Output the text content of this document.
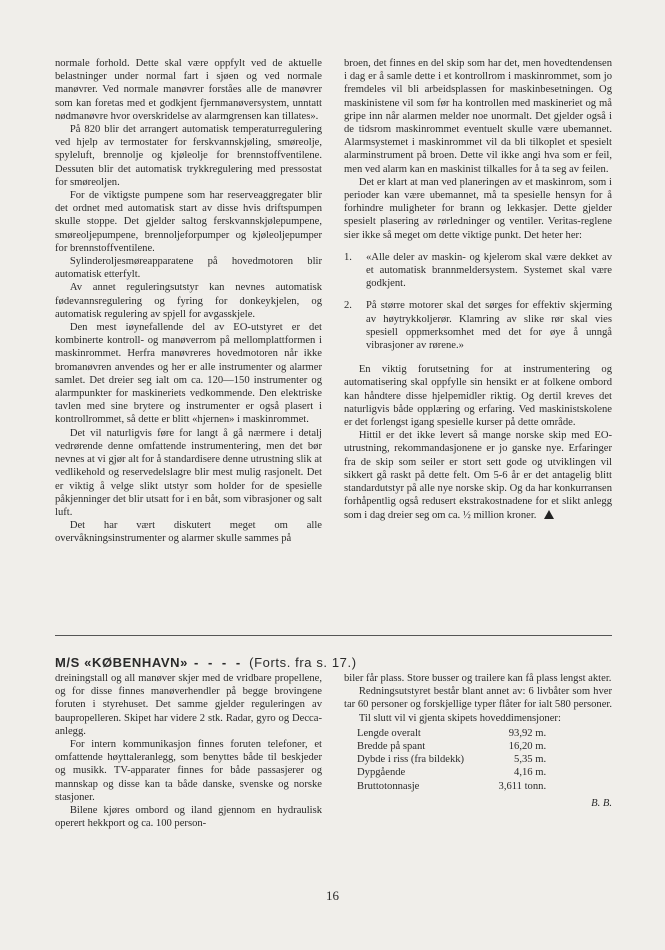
normale forhold. Dette skal være oppfylt ved de aktuelle belastninger under normal fart i sjøen og ved normale manøvrer. Ved normale manøvrer forståes alle de manøvrer som kan foretas med et godkjent fjernmanøversystem, unntatt nødmanøvre hvor overskridelse av alarmgrensen kan tillates».

På 820 blir det arrangert automatisk temperaturregulering ved hjelp av termostater for ferskvannskjøling, smøreolje, spyleluft, brennolje og kjøleolje for brennstoffventilene. Dessuten blir det automatisk trykkregulering med pressostat for smøreoljen.

For de viktigste pumpene som har reserveaggregater blir det ordnet med automatisk start av disse hvis driftspumpen skulle stoppe. Det gjelder saltog ferskvannskjølepumpene, smøreoljepumpene, brennoljeforpumper og kjøleoljepumper for brennstoffventilene.

Sylinderoljesmøreapparatene på hovedmotoren blir automatisk etterfylt.

Av annet reguleringsutstyr kan nevnes automatisk fødevannsregulering og fyring for donkeykjelen, og automatisk regulering av spjell for avgasskjele.

Den mest iøynefallende del av EO-utstyret er det kombinerte kontroll- og manøverrom på mellomplattformen i maskinrommet. Herfra manøvreres hovedmotoren når ikke bromanøvren anvendes og her er alle instrumenter og alarmer samlet. Det dreier seg ialt om ca. 120—150 instrumenter og alarmpunkter for maskineriets vedkommende. Den elektriske tavlen med sine brytere og instrumenter er også plasert i kontrollrommet, så dette er blitt «hjernen» i maskinrommet.

Det vil naturligvis føre for langt å gå nærmere i detalj vedrørende denne omfattende instrumentering, men det bør nevnes at vi gjør alt for å standardisere denne utrustning slik at vedlikehold og reservedelslagre blir mest mulig rasjonelt. Det er viktig å velge slikt utstyr som holder for de spesielle påkjenninger det blir utsatt for i en båt, som vibrasjoner og salt luft.

Det har vært diskutert meget om alle overvåkningsinstrumenter og alarmer skulle sammes på

broen, det finnes en del skip som har det, men hovedtendensen i dag er å samle dette i et kontrollrom i maskinrommet, som jo fremdeles vil bli arbeidsplassen for maskinbesetningen. Og maskinistene vil som før ha kontrollen med maskineriet og må gripe inn når alarmen melder noe unormalt. Det gjelder også i de tidsrom maskinrommet eventuelt skulle være ubemannet. Alarmsystemet i maskinrommet vil da bli tilkoplet et spesielt alarminstrument på broen. Dette vil ikke angi hva som er feil, men ved alarm kan en maskinist tilkalles for å ta seg av feilen.

Det er klart at man ved planeringen av et maskinrom, som i perioder kan være ubemannet, må ta spesielle hensyn for å forhindre muligheter for brann og lekkasjer. Dette gjelder spesielt plasering av rørledninger og ventiler. Veritas-reglene sier ikke så meget om dette viktige punkt. Det heter her:

1.	«Alle deler av maskin- og kjelerom skal være dekket av et automatisk brannmeldersystem. Systemet skal være godkjent.
2.	På større motorer skal det sørges for effektiv skjerming av høytrykkoljerør. Klamring av slike rør skal vies spesiell oppmerksomhet med det for øye å unngå vibrasjoner av rørene.»

En viktig forutsetning for at instrumentering og automatisering skal oppfylle sin hensikt er at folkene ombord kan håndtere disse hjelpemidler riktig. Og dertil kreves det naturligvis både opplæring og erfaring. Ved maskinistskolene er det forlengst igang spesielle kurser på dette område.

Hittil er det ikke levert så mange norske skip med EO-utrustning, rekommandasjonene er jo ganske nye. Erfaringer fra de skip som seiler er stort sett gode og utviklingen vil sikkert gå raskt på dette felt. Om 5-6 år er det antagelig blitt standardutstyr på alle nye norske skip. Og da har konkurransen forhåpentlig også redusert ekstrakostnadene for et slikt anlegg som i dag dreier seg om ca. ½ million kroner.

M/S «KØBENHAVN» - - - - (Forts. fra s. 17.)

dreiningstall og all manøver skjer med de vridbare propellene, og for disse finnes manøverhendler på begge brovingene foruten i styrehuset. Det samme gjelder reguleringen av baupropelleren. Skipet har videre 2 stk. Radar, gyro og Decca-anlegg.

For intern kommunikasjon finnes foruten telefoner, et omfattende høyttaleranlegg, som benyttes både til beskjeder og musikk. TV-apparater finnes for både passasjerer og mannskap og disse kan ta både danske, svenske og norske stasjoner.

Bilene kjøres ombord og iland gjennom en hydraulisk operert hekkport og ca. 100 person-

biler får plass. Store busser og trailere kan få plass lengst akter.

Redningsutstyret består blant annet av: 6 livbåter som hver tar 60 personer og forskjellige typer flåter for ialt 580 personer.

Til slutt vil vi gjenta skipets hoveddimensjoner:

Lengde overalt	93,92 m.
Bredde på spant	16,20 m.
Dybde i riss (fra bildekk)	5,35 m.
Dypgående	4,16 m.
Bruttotonnasje	3,611 tonn.
B. B.
16
